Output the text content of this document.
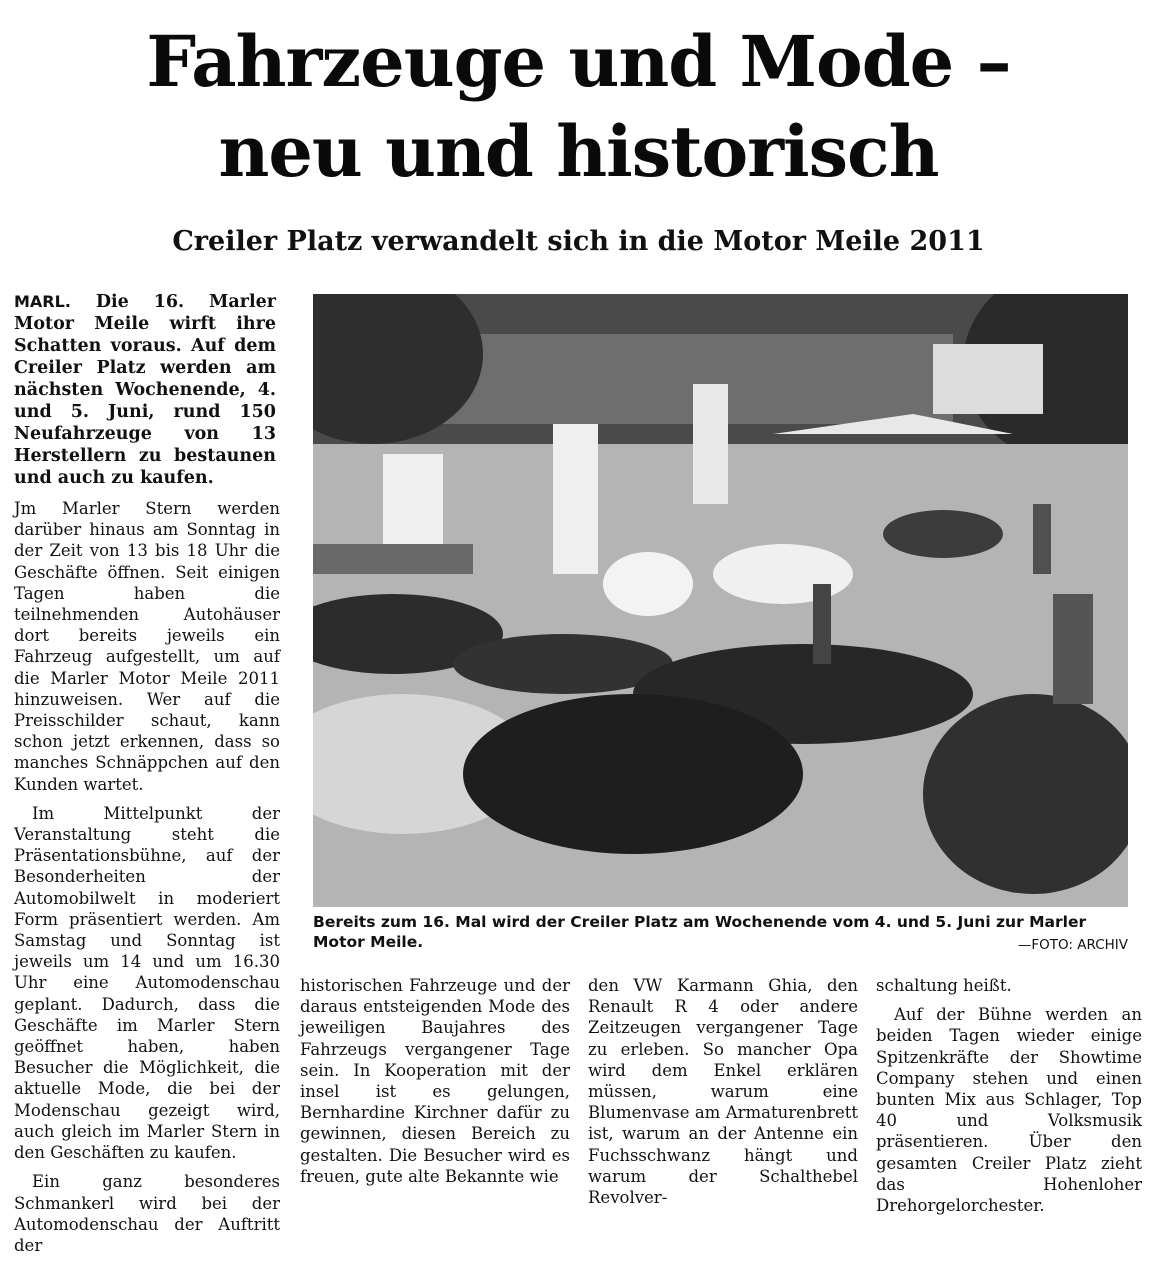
Fahrzeuge und Mode –
neu und historisch
Creiler Platz verwandelt sich in die Motor Meile 2011
MARL. Die 16. Marler Motor Meile wirft ihre Schatten voraus. Auf dem Creiler Platz werden am nächsten Wochenende, 4. und 5. Juni, rund 150 Neufahrzeuge von 13 Herstellern zu bestaunen und auch zu kaufen.

Jm Marler Stern werden darüber hinaus am Sonntag in der Zeit von 13 bis 18 Uhr die Geschäfte öffnen. Seit einigen Tagen haben die teilnehmenden Autohäuser dort bereits jeweils ein Fahrzeug aufgestellt, um auf die Marler Motor Meile 2011 hinzuweisen. Wer auf die Preisschilder schaut, kann schon jetzt erkennen, dass so manches Schnäppchen auf den Kunden wartet.

Im Mittelpunkt der Veranstaltung steht die Präsentationsbühne, auf der Besonderheiten der Automobilwelt in moderiert Form präsentiert werden. Am Samstag und Sonntag ist jeweils um 14 und um 16.30 Uhr eine Automodenschau geplant. Dadurch, dass die Geschäfte im Marler Stern geöffnet haben, haben Besucher die Möglichkeit, die aktuelle Mode, die bei der Modenschau gezeigt wird, auch gleich im Marler Stern in den Geschäften zu kaufen.

Ein ganz besonderes Schmankerl wird bei der Automodenschau der Auftritt der

Bereits zum 16. Mal wird der Creiler Platz am Wochenende vom 4. und 5. Juni zur Marler Motor Meile.	—FOTO: ARCHIV

historischen Fahrzeuge und der daraus entsteigenden Mode des jeweiligen Baujahres des Fahrzeugs vergangener Tage sein. In Kooperation mit der insel ist es gelungen, Bernhardine Kirchner dafür zu gewinnen, diesen Bereich zu gestalten. Die Besucher wird es freuen, gute alte Bekannte wie

den VW Karmann Ghia, den Renault R 4 oder andere Zeitzeugen vergangener Tage zu erleben. So mancher Opa wird dem Enkel erklären müssen, warum eine Blumenvase am Armaturenbrett ist, warum an der Antenne ein Fuchsschwanz hängt und warum der Schalthebel Revolver-

schaltung heißt.

Auf der Bühne werden an beiden Tagen wieder einige Spitzenkräfte der Showtime Company stehen und einen bunten Mix aus Schlager, Top 40 und Volksmusik präsentieren. Über den gesamten Creiler Platz zieht das Hohenloher Drehorgelorchester.
